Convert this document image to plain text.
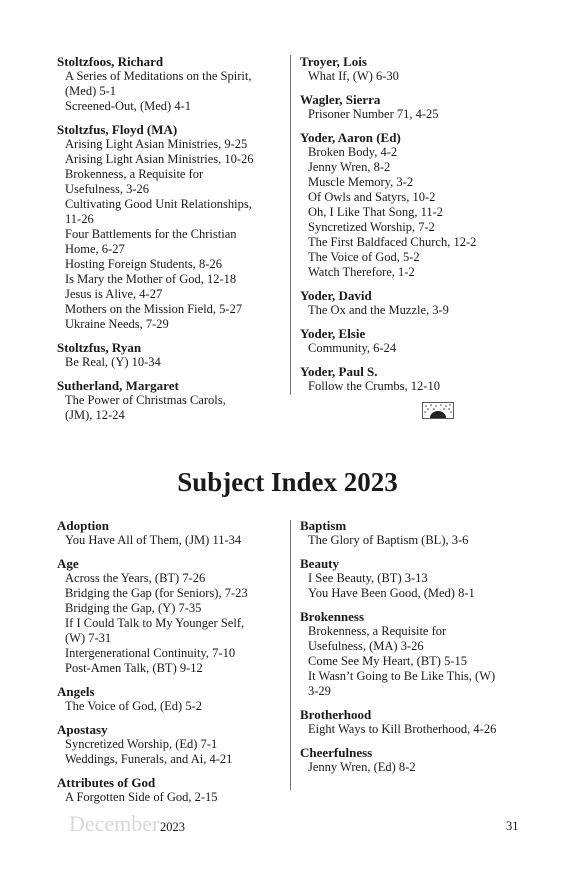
Stoltzfoos, Richard
A Series of Meditations on the Spirit,
(Med) 5-1
Screened-Out, (Med) 4-1
Stoltzfus, Floyd (MA)
Arising Light Asian Ministries, 9-25
Arising Light Asian Ministries, 10-26
Brokenness, a Requisite for
Usefulness, 3-26
Cultivating Good Unit Relationships,
11-26
Four Battlements for the Christian
Home, 6-27
Hosting Foreign Students, 8-26
Is Mary the Mother of God, 12-18
Jesus is Alive, 4-27
Mothers on the Mission Field, 5-27
Ukraine Needs, 7-29
Stoltzfus, Ryan
Be Real, (Y) 10-34
Sutherland, Margaret
The Power of Christmas Carols,
(JM), 12-24
Troyer, Lois
What If, (W) 6-30
Wagler, Sierra
Prisoner Number 71, 4-25
Yoder, Aaron (Ed)
Broken Body, 4-2
Jenny Wren, 8-2
Muscle Memory, 3-2
Of Owls and Satyrs, 10-2
Oh, I Like That Song, 11-2
Syncretized Worship, 7-2
The First Baldfaced Church, 12-2
The Voice of God, 5-2
Watch Therefore, 1-2
Yoder, David
The Ox and the Muzzle, 3-9
Yoder, Elsie
Community, 6-24
Yoder, Paul S.
Follow the Crumbs, 12-10
Subject Index 2023
Adoption
You Have All of Them, (JM) 11-34
Age
Across the Years, (BT) 7-26
Bridging the Gap (for Seniors), 7-23
Bridging the Gap, (Y) 7-35
If I Could Talk to My Younger Self,
(W) 7-31
Intergenerational Continuity, 7-10
Post-Amen Talk, (BT) 9-12
Angels
The Voice of God, (Ed) 5-2
Apostasy
Syncretized Worship, (Ed) 7-1
Weddings, Funerals, and Ai, 4-21
Attributes of God
A Forgotten Side of God, 2-15
Baptism
The Glory of Baptism (BL), 3-6
Beauty
I See Beauty, (BT) 3-13
You Have Been Good, (Med) 8-1
Brokenness
Brokenness, a Requisite for
Usefulness, (MA) 3-26
Come See My Heart, (BT) 5-15
It Wasn’t Going to Be Like This, (W)
3-29
Brotherhood
Eight Ways to Kill Brotherhood, 4-26
Cheerfulness
Jenny Wren, (Ed) 8-2
December 2023	31
